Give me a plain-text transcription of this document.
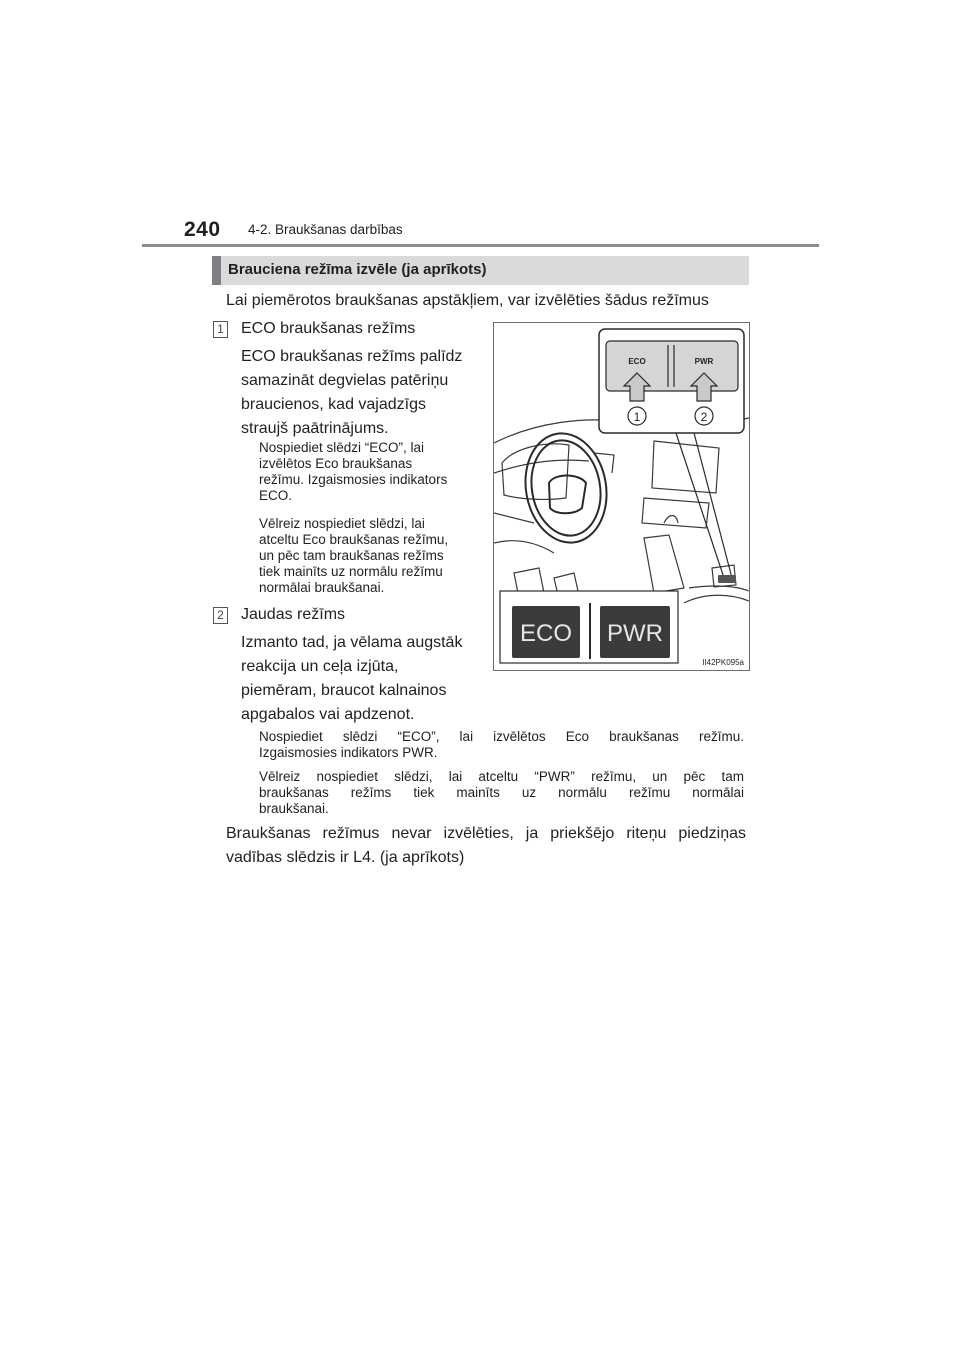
240 4-2. Braukšanas darbības
Brauciena režīma izvēle (ja aprīkots)
Lai piemērotos braukšanas apstākļiem, var izvēlēties šādus režīmus
1 ECO braukšanas režīms
ECO braukšanas režīms palīdz
samazināt degvielas patēriņu
braucienos, kad vajadzīgs
straujš paātrinājums.
Nospiediet slēdzi “ECO”, lai
izvēlētos Eco braukšanas
režīmu. Izgaismosies indikators
ECO.
Vēlreiz nospiediet slēdzi, lai
atceltu Eco braukšanas režīmu,
un pēc tam braukšanas režīms
tiek mainīts uz normālu režīmu
normālai braukšanai.
2 Jaudas režīms
Izmanto tad, ja vēlama augstāk
reakcija un ceļa izjūta,
piemēram, braucot kalnainos
apgabalos vai apdzenot.
Nospiediet slēdzi “ECO”, lai izvēlētos Eco braukšanas režīmu.
Izgaismosies indikators PWR.
Vēlreiz nospiediet slēdzi, lai atceltu “PWR” režīmu, un pēc tam
braukšanas režīms tiek mainīts uz normālu režīmu normālai
braukšanai.
Braukšanas režīmus nevar izvēlēties, ja priekšējo riteņu piedziņas
vadības slēdzis ir L4. (ja aprīkots)
ECO	PWR
1	2
ECO PWR
II42PK095a
